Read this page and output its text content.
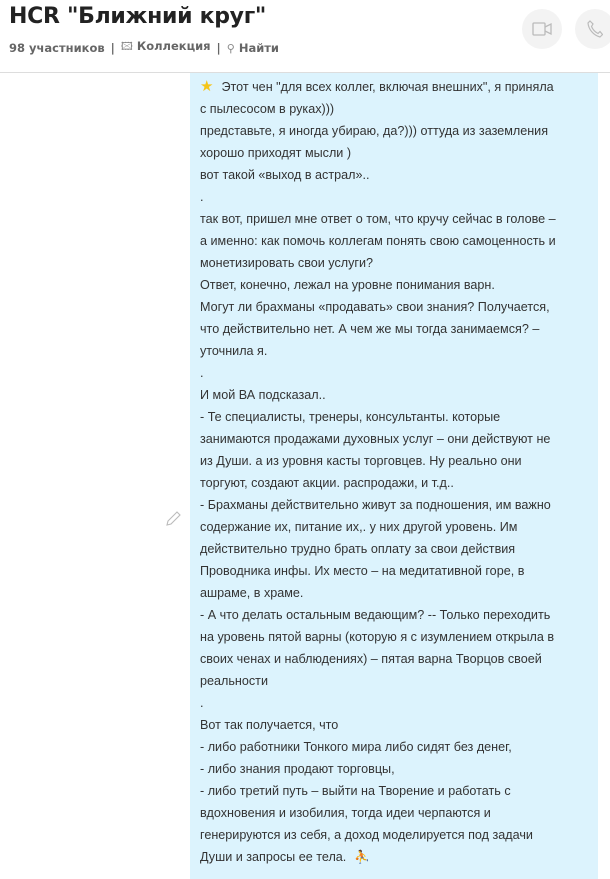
HCR "Ближний круг"
98 участников | 🖾 Коллекция | ⚲ Найти
★ Этот чен "для всех коллег, включая внешних", я приняла
с пылесосом в руках)))
представьте, я иногда убираю, да?))) оттуда из заземления
хорошо приходят мысли )
вот такой «выход в астрал»..
.
так вот, пришел мне ответ о том, что кручу сейчас в голове –
а именно: как помочь коллегам понять свою самоценность и
монетизировать свои услуги?
Ответ, конечно, лежал на уровне понимания варн.
Могут ли брахманы «продавать» свои знания? Получается,
что действительно нет. А чем же мы тогда занимаемся? –
уточнила я.
.
И мой ВА подсказал..
- Те специалисты, тренеры, консультанты. которые
занимаются продажами духовных услуг – они действуют не
из Души. а из уровня касты торговцев. Ну реально они
торгуют, создают акции. распродажи, и т.д..
- Брахманы действительно живут за подношения, им важно
содержание их, питание их,. у них другой уровень. Им
действительно трудно брать оплату за свои действия
Проводника инфы. Их место – на медитативной горе, в
ашраме, в храме.
- А что делать остальным ведающим? -- Только переходить
на уровень пятой варны (которую я с изумлением открыла в
своих ченах и наблюдениях) – пятая варна Творцов своей
реальности
.
Вот так получается, что
- либо работники Тонкого мира либо сидят без денег,
- либо знания продают торговцы,
- либо третий путь – выйти на Творение и работать с
вдохновения и изобилия, тогда идеи черпаются и
генерируются из себя, а доход моделируется под задачи
Души и запросы ее тела. ⛹
